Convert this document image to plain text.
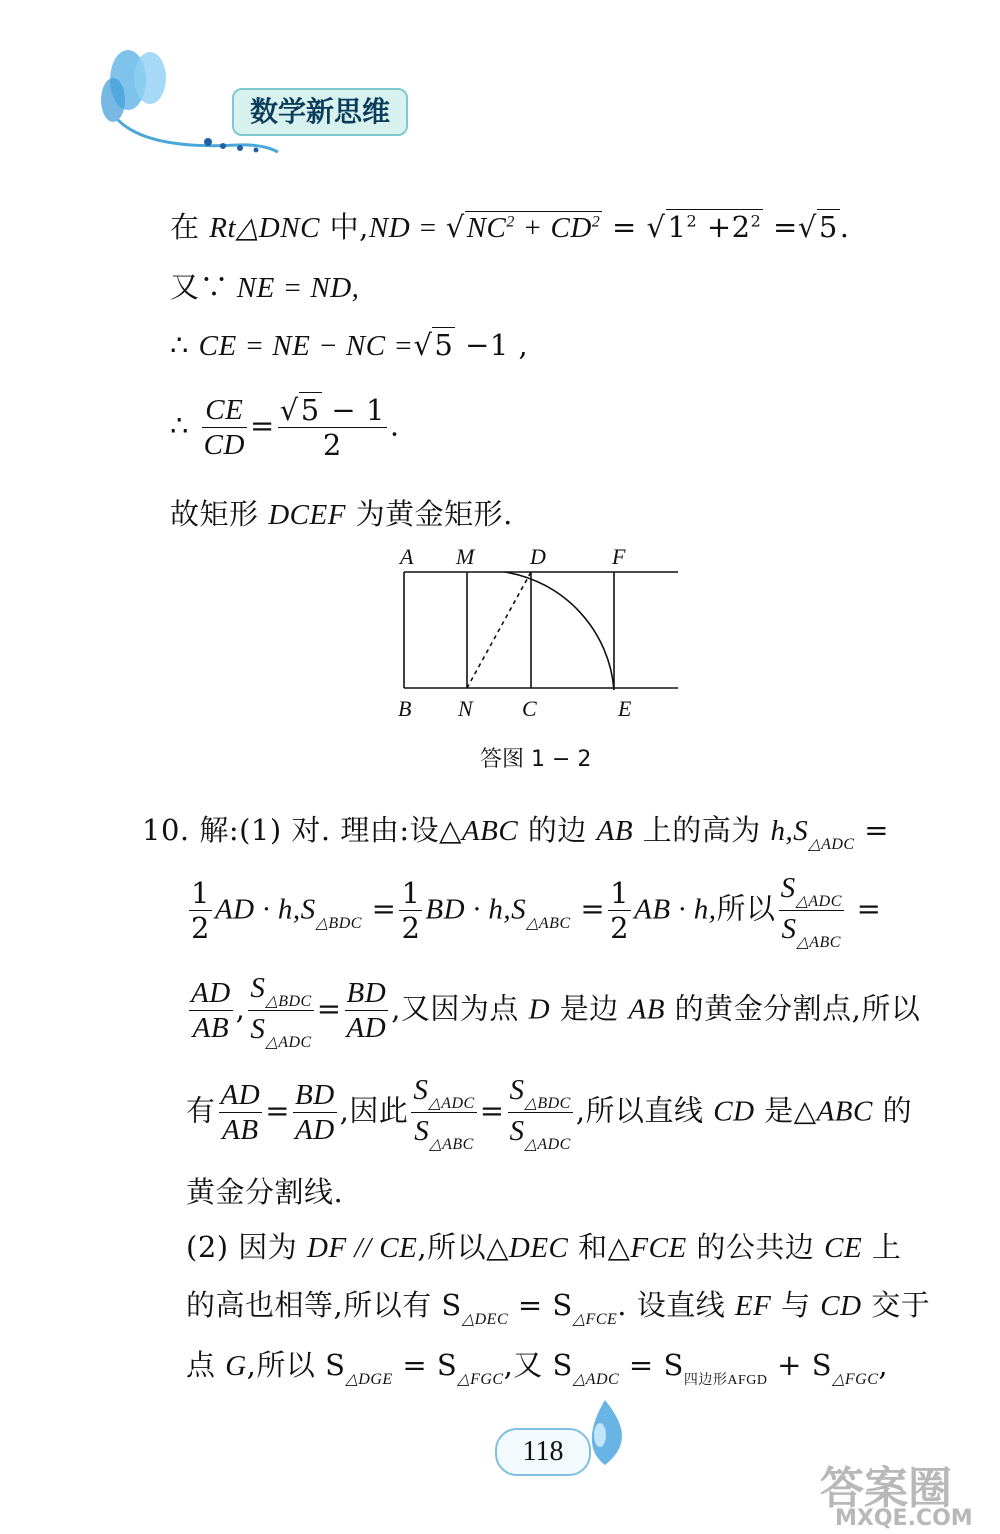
数学新思维
在 Rt△DNC 中$,ND = √NC^2 + CD^2 = √1^2 +2^2 =√5$.
又∵ NE = ND,
∴ CE = NE − NC =√5 −1 ,
∴ $\frac{CE}{CD} = \frac{√5 - 1}{2}$ .
故矩形 DCEF 为黄金矩形.
A M	D	F
B N C	E
答图 1 − 2
10. 解:(1) 对. 理由:设△ABC 的边 AB 上的高为 $h,S_{\triangle ADC}$ =
$\frac{1}{2}$ AD · $h,S_{\triangle BDC} = \frac{1}{2}$ BD · $h,S_{\triangle ABC} = \frac{1}{2}$ AB · h,所以 $\frac{S_{\triangle ADC}}{S_{\triangle ABC}}$ =
$\frac{AD}{AB}$ , $\frac{S_{\triangle BDC}}{S_{\triangle ADC}} = \frac{BD}{AD}$ ,又因为点 D 是边 AB 的黄金分割点,所以
有 $\frac{AD}{AB} = \frac{BD}{AD}$ ,因此 $\frac{S_{\triangle ADC}}{S_{\triangle ABC}} = \frac{S_{\triangle BDC}}{S_{\triangle ADC}}$ ,所以直线 CD 是△ABC 的
黄金分割线.
(2) 因为 DF // CE,所以△DEC 和△FCE 的公共边 CE 上
的高也相等,所以有 $S_{\triangle DEC} = S_{\triangle FCE}$. 设直线 EF 与 CD 交于
点 G,所以 $S_{\triangle DGE} = S_{\triangle FGC}$,又 $S_{\triangle ADC} = S_{四边形AFGD} + S_{\triangle FGC}$,
118
答案圈
MXQE.COM
